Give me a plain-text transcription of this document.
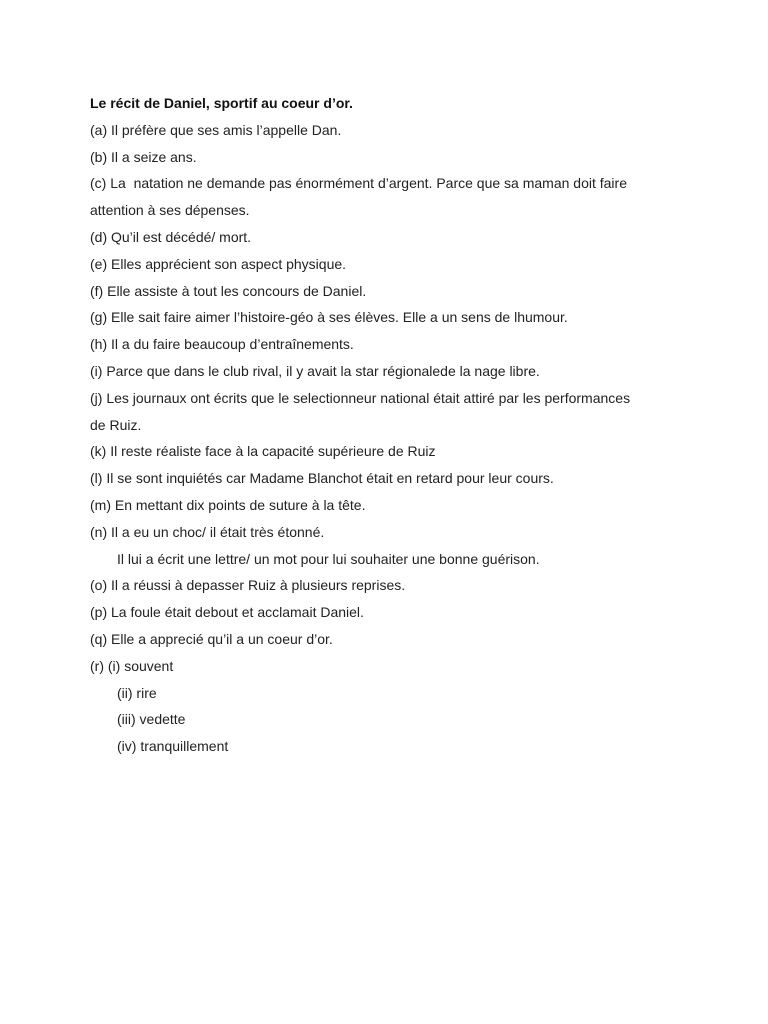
Le récit de Daniel, sportif au coeur d’or.
(a) Il préfère que ses amis l’appelle Dan.
(b) Il a seize ans.
(c) La  natation ne demande pas énormément d’argent. Parce que sa maman doit faire
attention à ses dépenses.
(d) Qu’il est décédé/ mort.
(e) Elles apprécient son aspect physique.
(f) Elle assiste à tout les concours de Daniel.
(g) Elle sait faire aimer l’histoire-géo à ses élèves. Elle a un sens de lhumour.
(h) Il a du faire beaucoup d’entraînements.
(i) Parce que dans le club rival, il y avait la star régionalede la nage libre.
(j) Les journaux ont écrits que le selectionneur national était attiré par les performances
de Ruiz.
(k) Il reste réaliste face à la capacité supérieure de Ruiz
(l) Il se sont inquiétés car Madame Blanchot était en retard pour leur cours.
(m) En mettant dix points de suture à la tête.
(n) Il a eu un choc/ il était très étonné.
Il lui a écrit une lettre/ un mot pour lui souhaiter une bonne guérison.
(o) Il a réussi à depasser Ruiz à plusieurs reprises.
(p) La foule était debout et acclamait Daniel.
(q) Elle a apprecié qu’il a un coeur d’or.
(r) (i) souvent
(ii) rire
(iii) vedette
(iv) tranquillement
